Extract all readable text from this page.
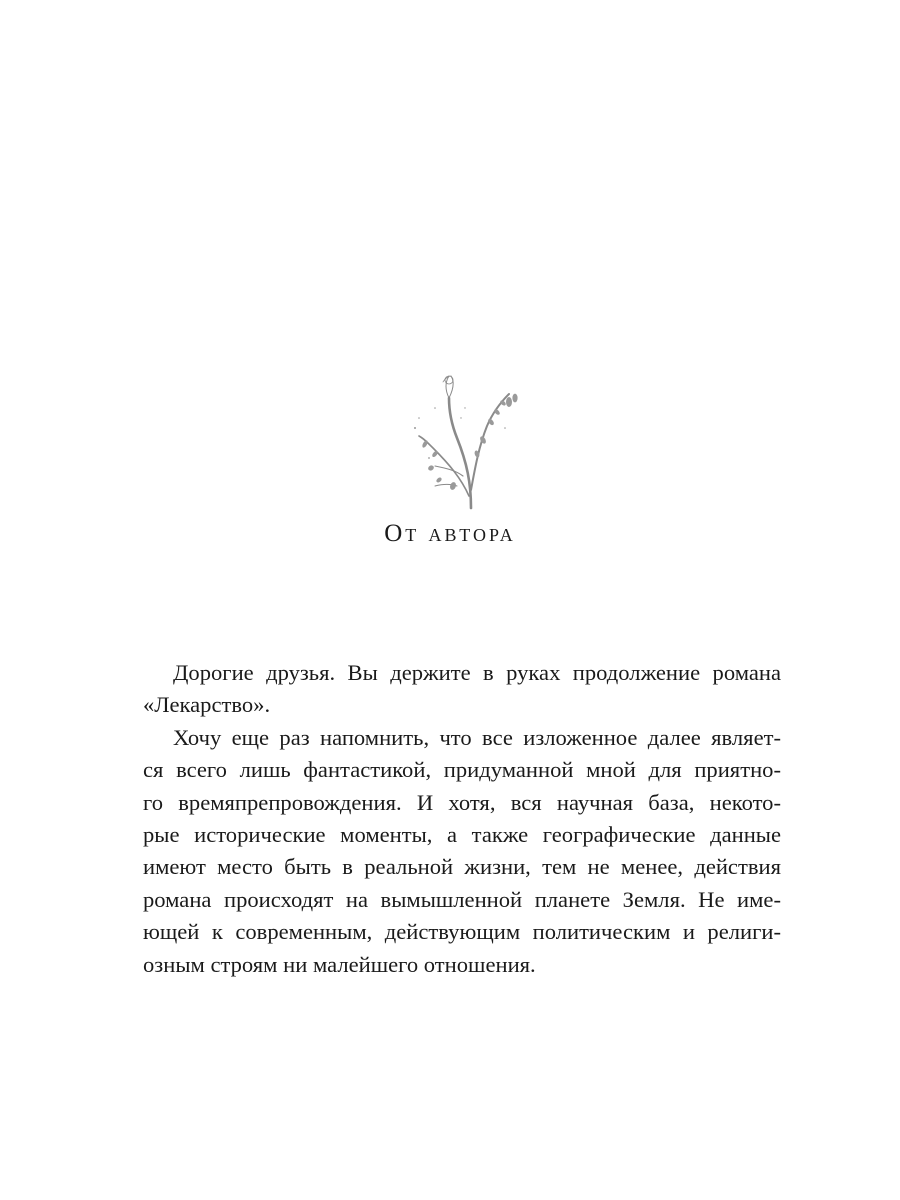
От автора

Дорогие друзья. Вы держите в руках продолжение романа
«Лекарство».

Хочу еще раз напомнить, что все изложенное далее являет-
ся всего лишь фантастикой, придуманной мной для приятно-
го времяпрепровождения. И хотя, вся научная база, некото-
рые исторические моменты, а также географические данные
имеют место быть в реальной жизни, тем не менее, действия
романа происходят на вымышленной планете Земля. Не име-
ющей к современным, действующим политическим и религи-
озным строям ни малейшего отношения.
